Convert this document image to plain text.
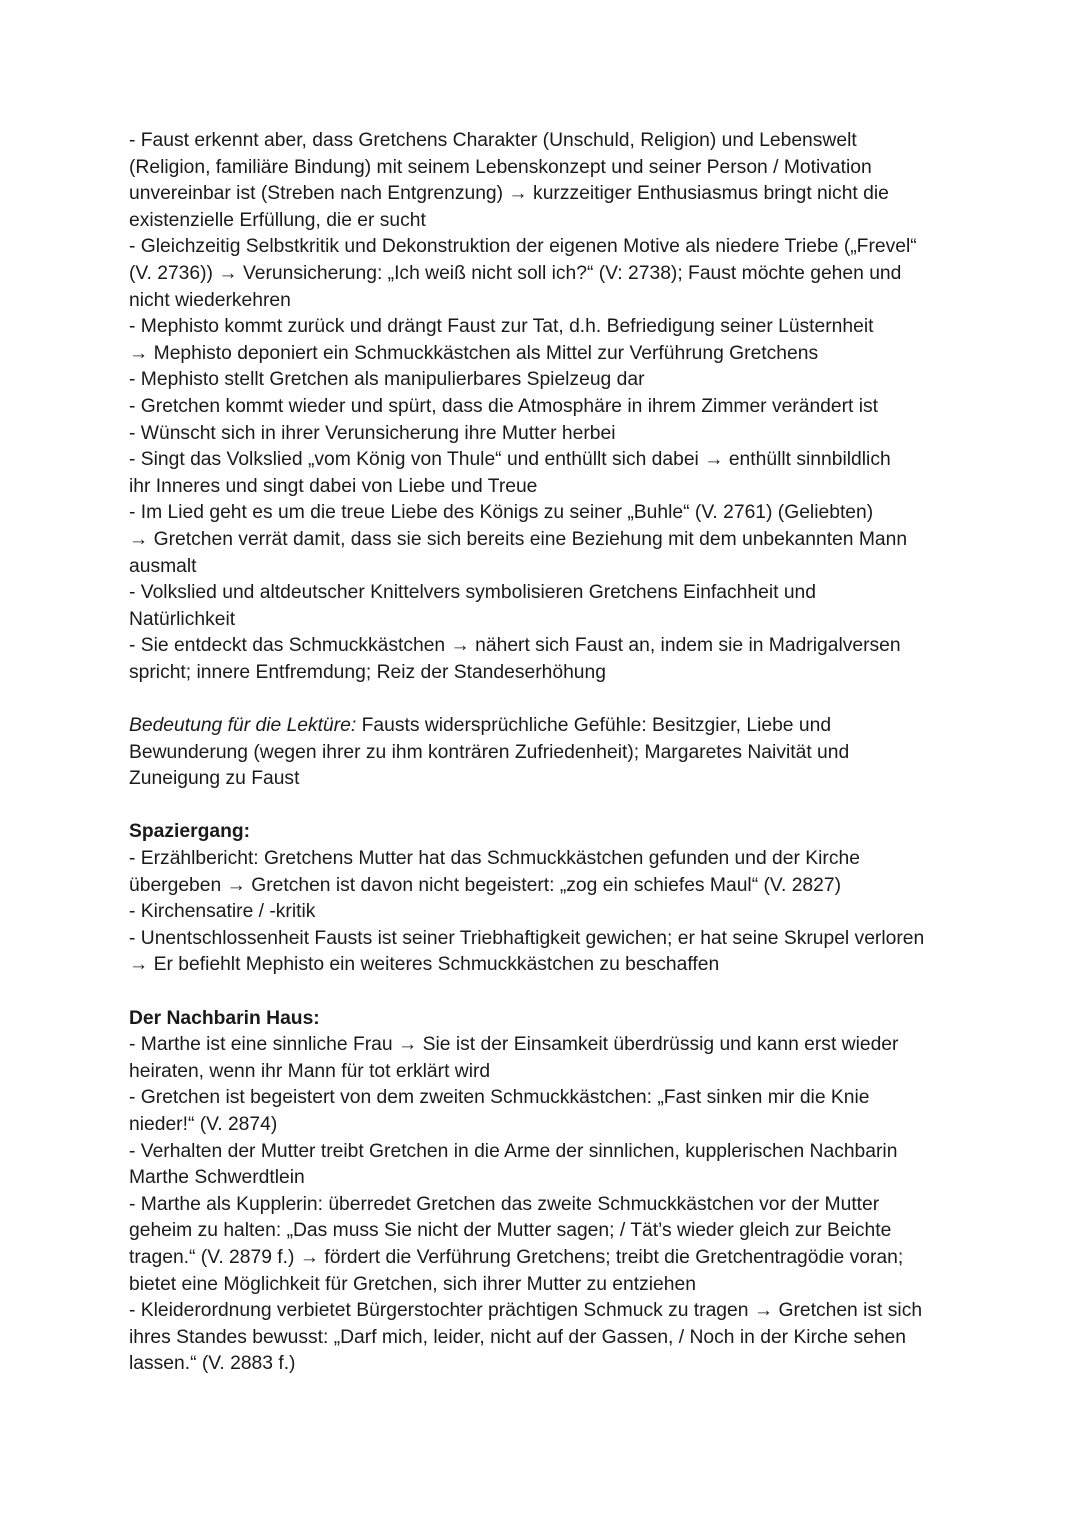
- Faust erkennt aber, dass Gretchens Charakter (Unschuld, Religion) und Lebenswelt
(Religion, familiäre Bindung) mit seinem Lebenskonzept und seiner Person / Motivation
unvereinbar ist (Streben nach Entgrenzung) → kurzzeitiger Enthusiasmus bringt nicht die
existenzielle Erfüllung, die er sucht
- Gleichzeitig Selbstkritik und Dekonstruktion der eigenen Motive als niedere Triebe („Frevel“
(V. 2736)) → Verunsicherung: „Ich weiß nicht soll ich?“ (V: 2738); Faust möchte gehen und
nicht wiederkehren
- Mephisto kommt zurück und drängt Faust zur Tat, d.h. Befriedigung seiner Lüsternheit
→ Mephisto deponiert ein Schmuckkästchen als Mittel zur Verführung Gretchens
- Mephisto stellt Gretchen als manipulierbares Spielzeug dar
- Gretchen kommt wieder und spürt, dass die Atmosphäre in ihrem Zimmer verändert ist
- Wünscht sich in ihrer Verunsicherung ihre Mutter herbei
- Singt das Volkslied „vom König von Thule“ und enthüllt sich dabei → enthüllt sinnbildlich
ihr Inneres und singt dabei von Liebe und Treue
- Im Lied geht es um die treue Liebe des Königs zu seiner „Buhle“ (V. 2761) (Geliebten)
→ Gretchen verrät damit, dass sie sich bereits eine Beziehung mit dem unbekannten Mann
ausmalt
- Volkslied und altdeutscher Knittelvers symbolisieren Gretchens Einfachheit und
Natürlichkeit
- Sie entdeckt das Schmuckkästchen → nähert sich Faust an, indem sie in Madrigalversen
spricht; innere Entfremdung; Reiz der Standeserhöhung
Bedeutung für die Lektüre: Fausts widersprüchliche Gefühle: Besitzgier, Liebe und
Bewunderung (wegen ihrer zu ihm konträren Zufriedenheit); Margaretes Naivität und
Zuneigung zu Faust
Spaziergang:
- Erzählbericht: Gretchens Mutter hat das Schmuckkästchen gefunden und der Kirche
übergeben → Gretchen ist davon nicht begeistert: „zog ein schiefes Maul“ (V. 2827)
- Kirchensatire / -kritik
- Unentschlossenheit Fausts ist seiner Triebhaftigkeit gewichen; er hat seine Skrupel verloren
→ Er befiehlt Mephisto ein weiteres Schmuckkästchen zu beschaffen
Der Nachbarin Haus:
- Marthe ist eine sinnliche Frau → Sie ist der Einsamkeit überdrüssig und kann erst wieder
heiraten, wenn ihr Mann für tot erklärt wird
- Gretchen ist begeistert von dem zweiten Schmuckkästchen: „Fast sinken mir die Knie
nieder!“ (V. 2874)
- Verhalten der Mutter treibt Gretchen in die Arme der sinnlichen, kupplerischen Nachbarin
Marthe Schwerdtlein
- Marthe als Kupplerin: überredet Gretchen das zweite Schmuckkästchen vor der Mutter
geheim zu halten: „Das muss Sie nicht der Mutter sagen; / Tät’s wieder gleich zur Beichte
tragen.“ (V. 2879 f.) → fördert die Verführung Gretchens; treibt die Gretchentragödie voran;
bietet eine Möglichkeit für Gretchen, sich ihrer Mutter zu entziehen
- Kleiderordnung verbietet Bürgerstochter prächtigen Schmuck zu tragen → Gretchen ist sich
ihres Standes bewusst: „Darf mich, leider, nicht auf der Gassen, / Noch in der Kirche sehen
lassen.“ (V. 2883 f.)
